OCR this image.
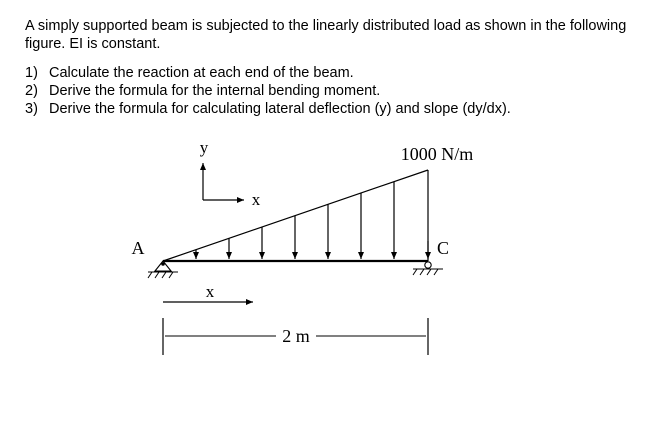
A simply supported beam is subjected to the linearly distributed load as shown in the following figure. EI is constant.

1) Calculate the reaction at each end of the beam.

2) Derive the formula for the internal bending moment.

3) Derive the formula for calculating lateral deflection (y) and slope (dy/dx).

y
x
1000 N/m
A	C
x
2 m
